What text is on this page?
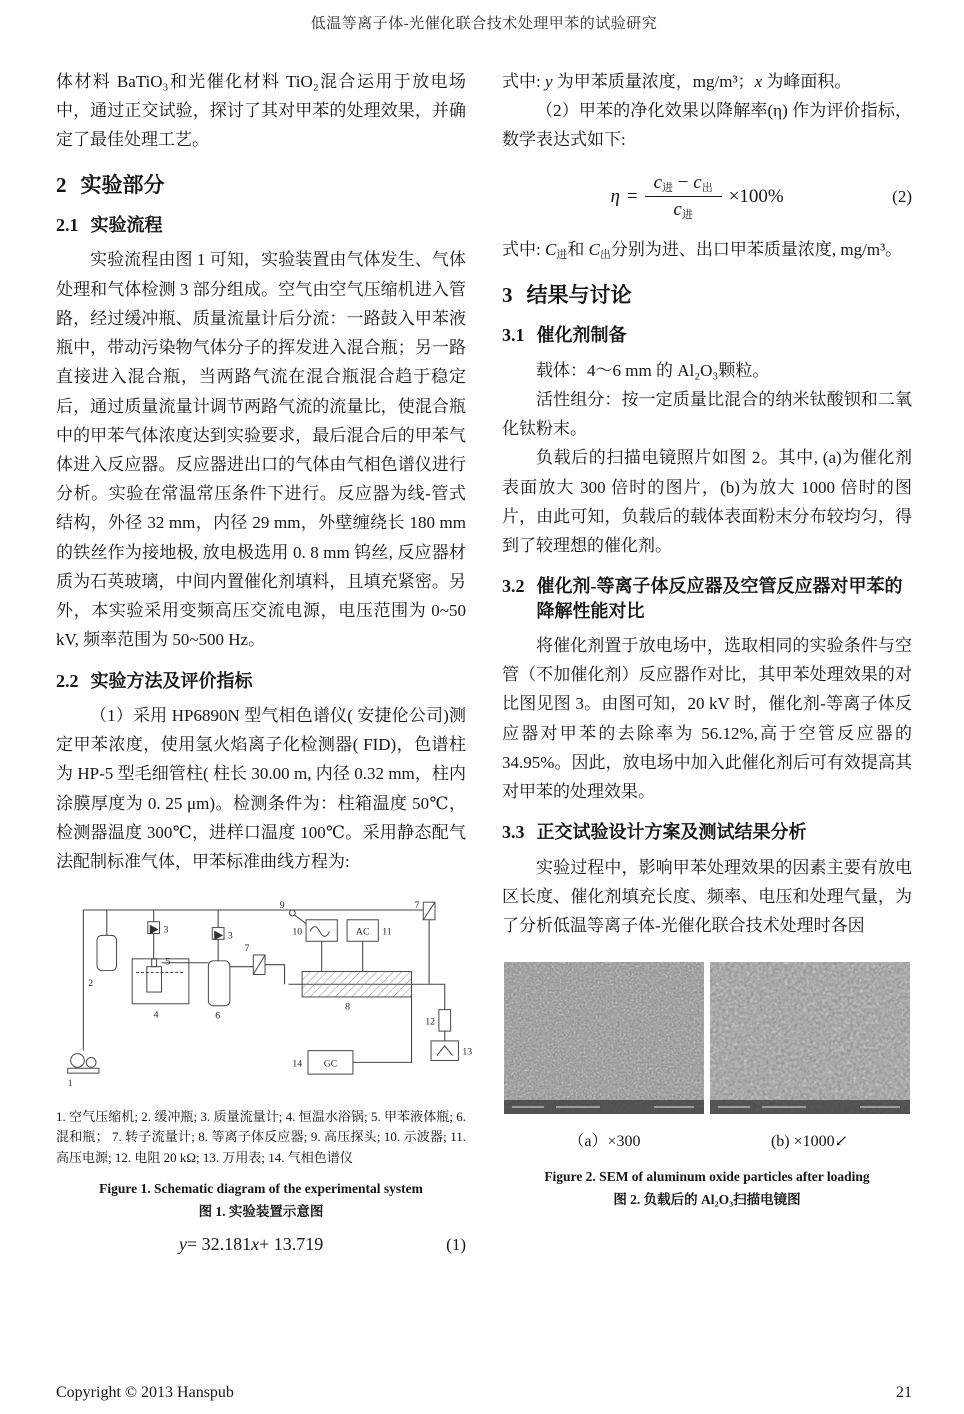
低温等离子体-光催化联合技术处理甲苯的试验研究

体材料 BaTiO₃和光催化材料 TiO₂混合运用于放电场中，通过正交试验，探讨了其对甲苯的处理效果，并确定了最佳处理工艺。

2 实验部分
2.1 实验流程

实验流程由图 1 可知，实验装置由气体发生、气体处理和气体检测 3 部分组成。空气由空气压缩机进入管路，经过缓冲瓶、质量流量计后分流：一路鼓入甲苯液瓶中，带动污染物气体分子的挥发进入混合瓶；另一路直接进入混合瓶，当两路气流在混合瓶混合趋于稳定后，通过质量流量计调节两路气流的流量比，使混合瓶中的甲苯气体浓度达到实验要求，最后混合后的甲苯气体进入反应器。反应器进出口的气体由气相色谱仪进行分析。实验在常温常压条件下进行。反应器为线-管式结构，外径 32 mm，内径 29 mm，外壁缠绕长 180 mm 的铁丝作为接地极, 放电极选用 0. 8 mm 钨丝, 反应器材质为石英玻璃，中间内置催化剂填料，且填充紧密。另外，本实验采用变频高压交流电源，电压范围为 0~50 kV, 频率范围为 50~500 Hz。

2.2 实验方法及评价指标

（1）采用 HP6890N 型气相色谱仪( 安捷伦公司)测定甲苯浓度，使用氢火焰离子化检测器( FID)，色谱柱为 HP-5 型毛细管柱( 柱长 30.00 m, 内径 0.32 mm，柱内涂膜厚度为 0. 25 μm)。检测条件为：柱箱温度 50℃，检测器温度 300℃，进样口温度 100℃。采用静态配气法配制标准气体，甲苯标准曲线方程为:

1
2
3
3
4
5
6
7
7
8
9
10	11
12
13
14
AC
GC
1. 空气压缩机; 2. 缓冲瓶; 3. 质量流量计; 4. 恒温水浴锅; 5. 甲苯液体瓶; 6. 混和瓶； 7. 转子流量计; 8. 等离子体反应器; 9. 高压探头; 10. 示波器; 11. 高压电源; 12. 电阻 20 kΩ; 13. 万用表; 14. 气相色谱仪
Figure 1. Schematic diagram of the experimental system
图 1. 实验装置示意图
y = 32.181 x + 13.719	(1)

式中: y 为甲苯质量浓度，mg/m³；x 为峰面积。

（2）甲苯的净化效果以降解率(η) 作为评价指标，数学表达式如下:

$\eta = \frac{\text{c进 − c出}}{\text{c进}} \times 100\%$	(2)

式中: C进和 C出分别为进、出口甲苯质量浓度, mg/m³。

3 结果与讨论
3.1 催化剂制备

载体：4～6 mm 的 Al₂O₃颗粒。

活性组分：按一定质量比混合的纳米钛酸钡和二氧化钛粉末。

负载后的扫描电镜照片如图 2。其中, (a)为催化剂表面放大 300 倍时的图片，(b)为放大 1000 倍时的图片，由此可知，负载后的载体表面粉末分布较均匀，得到了较理想的催化剂。

3.2 催化剂-等离子体反应器及空管反应器对甲苯的降解性能对比

将催化剂置于放电场中，选取相同的实验条件与空管（不加催化剂）反应器作对比，其甲苯处理效果的对比图见图 3。由图可知，20 kV 时，催化剂-等离子体反应器对甲苯的去除率为 56.12%,高于空管反应器的 34.95%。因此，放电场中加入此催化剂后可有效提高其对甲苯的处理效果。

3.3 正交试验设计方案及测试结果分析

实验过程中，影响甲苯处理效果的因素主要有放电区长度、催化剂填充长度、频率、电压和处理气量，为了分析低温等离子体-光催化联合技术处理时各因

（a）×300	(b) ×1000↙
Figure 2. SEM of aluminum oxide particles after loading
图 2. 负载后的 Al₂O₃扫描电镜图
Copyright © 2013 Hanspub	21
